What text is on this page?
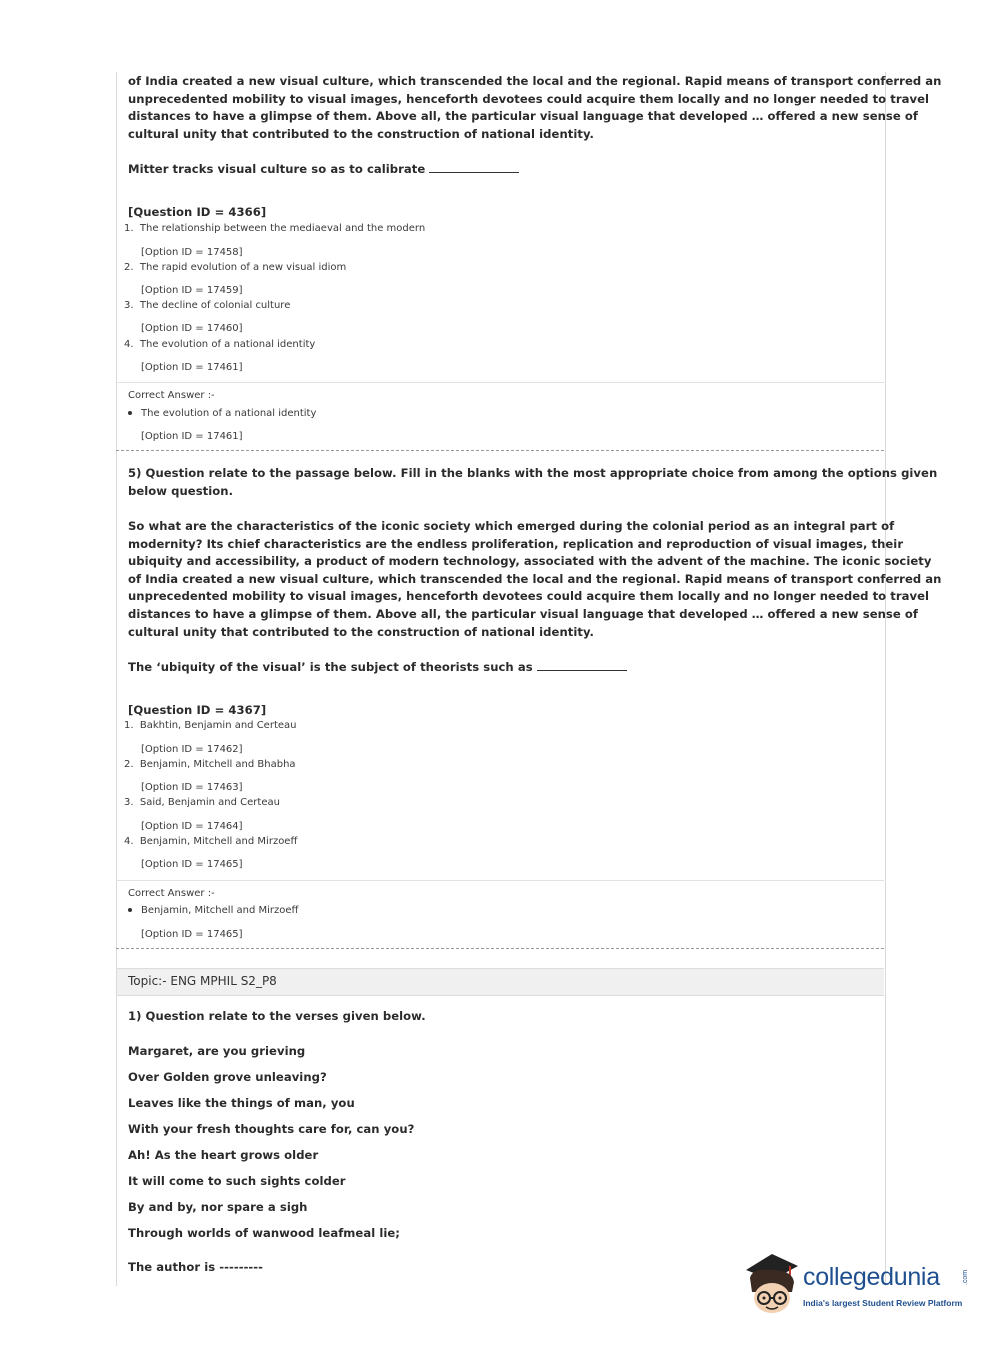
of India created a new visual culture, which transcended the local and the regional. Rapid means of transport conferred an
unprecedented mobility to visual images, henceforth devotees could acquire them locally and no longer needed to travel
distances to have a glimpse of them. Above all, the particular visual language that developed … offered a new sense of
cultural unity that contributed to the construction of national identity.
Mitter tracks visual culture so as to calibrate
[Question ID = 4366]
1. The relationship between the mediaeval and the modern
[Option ID = 17458]
2. The rapid evolution of a new visual idiom
[Option ID = 17459]
3. The decline of colonial culture
[Option ID = 17460]
4. The evolution of a national identity
[Option ID = 17461]
Correct Answer :-
The evolution of a national identity
[Option ID = 17461]
5) Question relate to the passage below. Fill in the blanks with the most appropriate choice from among the options given
below question.
So what are the characteristics of the iconic society which emerged during the colonial period as an integral part of
modernity? Its chief characteristics are the endless proliferation, replication and reproduction of visual images, their
ubiquity and accessibility, a product of modern technology, associated with the advent of the machine. The iconic society
of India created a new visual culture, which transcended the local and the regional. Rapid means of transport conferred an
unprecedented mobility to visual images, henceforth devotees could acquire them locally and no longer needed to travel
distances to have a glimpse of them. Above all, the particular visual language that developed … offered a new sense of
cultural unity that contributed to the construction of national identity.
The ‘ubiquity of the visual’ is the subject of theorists such as
[Question ID = 4367]
1. Bakhtin, Benjamin and Certeau
[Option ID = 17462]
2. Benjamin, Mitchell and Bhabha
[Option ID = 17463]
3. Said, Benjamin and Certeau
[Option ID = 17464]
4. Benjamin, Mitchell and Mirzoeff
[Option ID = 17465]
Correct Answer :-
Benjamin, Mitchell and Mirzoeff
[Option ID = 17465]
Topic:- ENG MPHIL S2_P8
1) Question relate to the verses given below.
Margaret, are you grieving
Over Golden grove unleaving?
Leaves like the things of man, you
With your fresh thoughts care for, can you?
Ah! As the heart grows older
It will come to such sights colder
By and by, nor spare a sigh
Through worlds of wanwood leafmeal lie;
The author is ---------	collegedunia	.com
India's largest Student Review Platform
